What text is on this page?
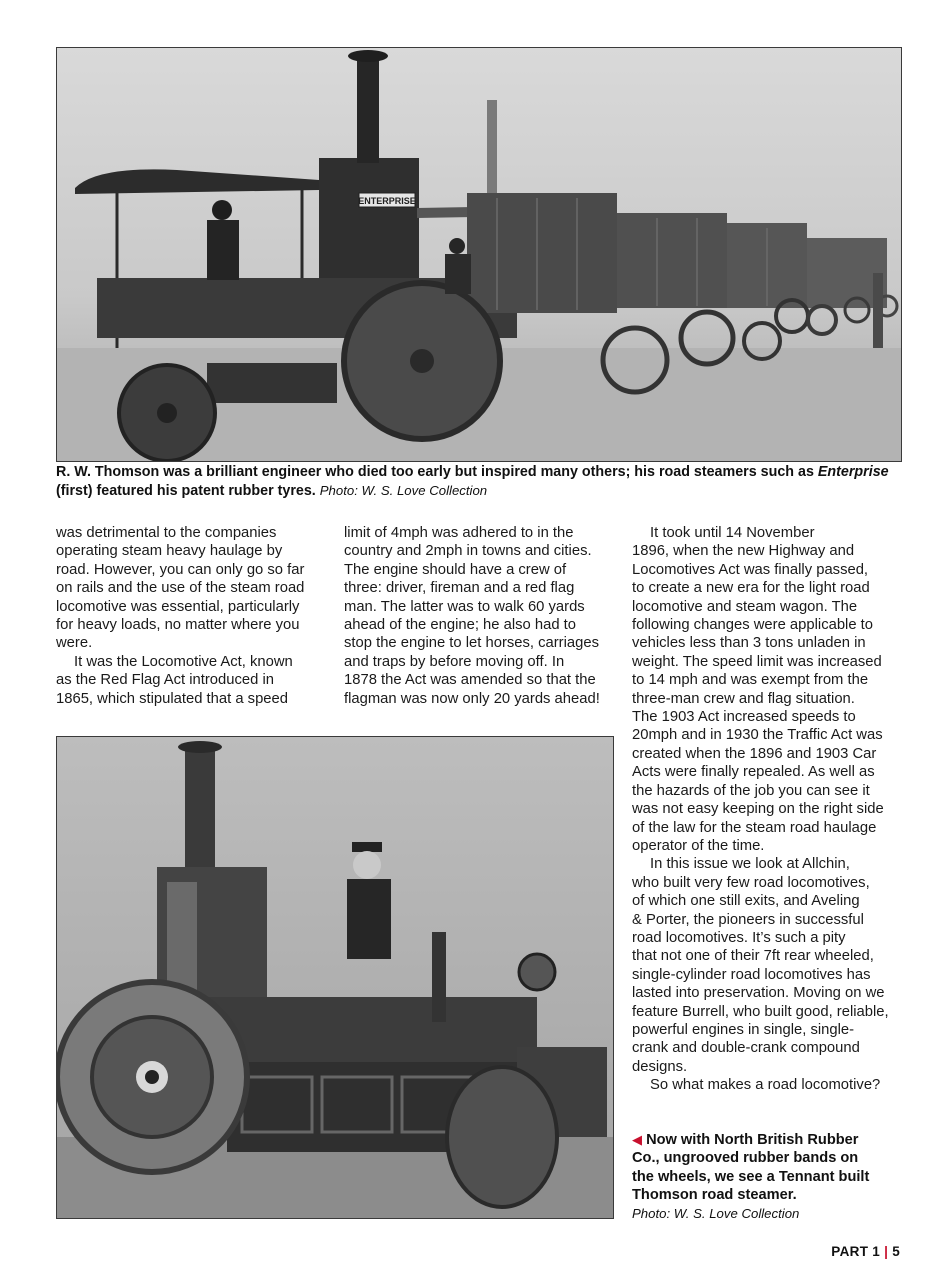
ENTERPRISE
R. W. Thomson was a brilliant engineer who died too early but inspired many others; his road steamers such as Enterprise (first) featured his patent rubber tyres. Photo: W. S. Love Collection

was detrimental to the companies
operating steam heavy haulage by
road. However, you can only go so far
on rails and the use of the steam road
locomotive was essential, particularly
for heavy loads, no matter where you
were.

It was the Locomotive Act, known
as the Red Flag Act introduced in
1865, which stipulated that a speed

limit of 4mph was adhered to in the
country and 2mph in towns and cities.
The engine should have a crew of
three: driver, fireman and a red flag
man. The latter was to walk 60 yards
ahead of the engine; he also had to
stop the engine to let horses, carriages
and traps by before moving off. In
1878 the Act was amended so that the
flagman was now only 20 yards ahead!

It took until 14 November
1896, when the new Highway and
Locomotives Act was finally passed,
to create a new era for the light road
locomotive and steam wagon. The
following changes were applicable to
vehicles less than 3 tons unladen in
weight. The speed limit was increased
to 14 mph and was exempt from the
three-man crew and flag situation.
The 1903 Act increased speeds to
20mph and in 1930 the Traffic Act was
created when the 1896 and 1903 Car
Acts were finally repealed. As well as
the hazards of the job you can see it
was not easy keeping on the right side
of the law for the steam road haulage
operator of the time.

In this issue we look at Allchin,
who built very few road locomotives,
of which one still exits, and Aveling
& Porter, the pioneers in successful
road locomotives. It’s such a pity
that not one of their 7ft rear wheeled,
single-cylinder road locomotives has
lasted into preservation. Moving on we
feature Burrell, who built good, reliable,
powerful engines in single, single-
crank and double-crank compound
designs.

So what makes a road locomotive?

◀ Now with North British Rubber
Co., ungrooved rubber bands on
the wheels, we see a Tennant built
Thomson road steamer.
Photo: W. S. Love Collection
PART 1 | 5
